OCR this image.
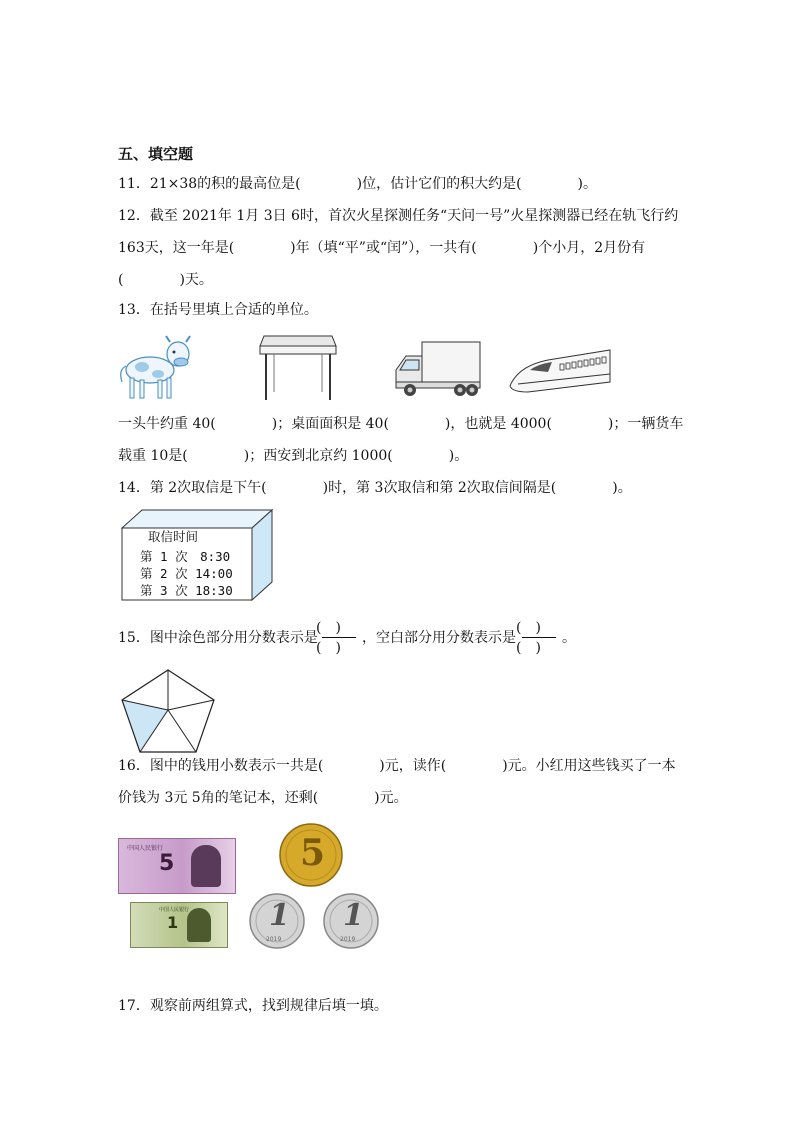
五、填空题
11．21×38的积的最高位是(　　　　)位，估计它们的积大约是(　　　　)。
12．截至 2021年 1月 3日 6时，首次火星探测任务“天问一号”火星探测器已经在轨飞行约
163天，这一年是(　　　　)年（填“平”或“闰”），一共有(　　　　)个小月，2月份有
(　　　　)天。
13．在括号里填上合适的单位。
一头牛约重 40(　　　　)；桌面面积是 40(　　　　)，也就是 4000(　　　　)；一辆货车
载重 10是(　　　　)；西安到北京约 1000(　　　　)。
14．第 2次取信是下午(　　　　)时，第 3次取信和第 2次取信间隔是(　　　　)。
取信时间
第 1 次　8:30
第 2 次 14:00
第 3 次 18:30
15．图中涂色部分用分数表示是
(　)
(　)
，空白部分用分数表示是
(　)
(　)
。
16．图中的钱用小数表示一共是(　　　　)元，读作(　　　　)元。小红用这些钱买了一本
价钱为 3元 5角的笔记本，还剩(　　　　)元。
中国人民银行
5	5
中国人民银行
1	1
2019
1
2019
17．观察前两组算式，找到规律后填一填。
